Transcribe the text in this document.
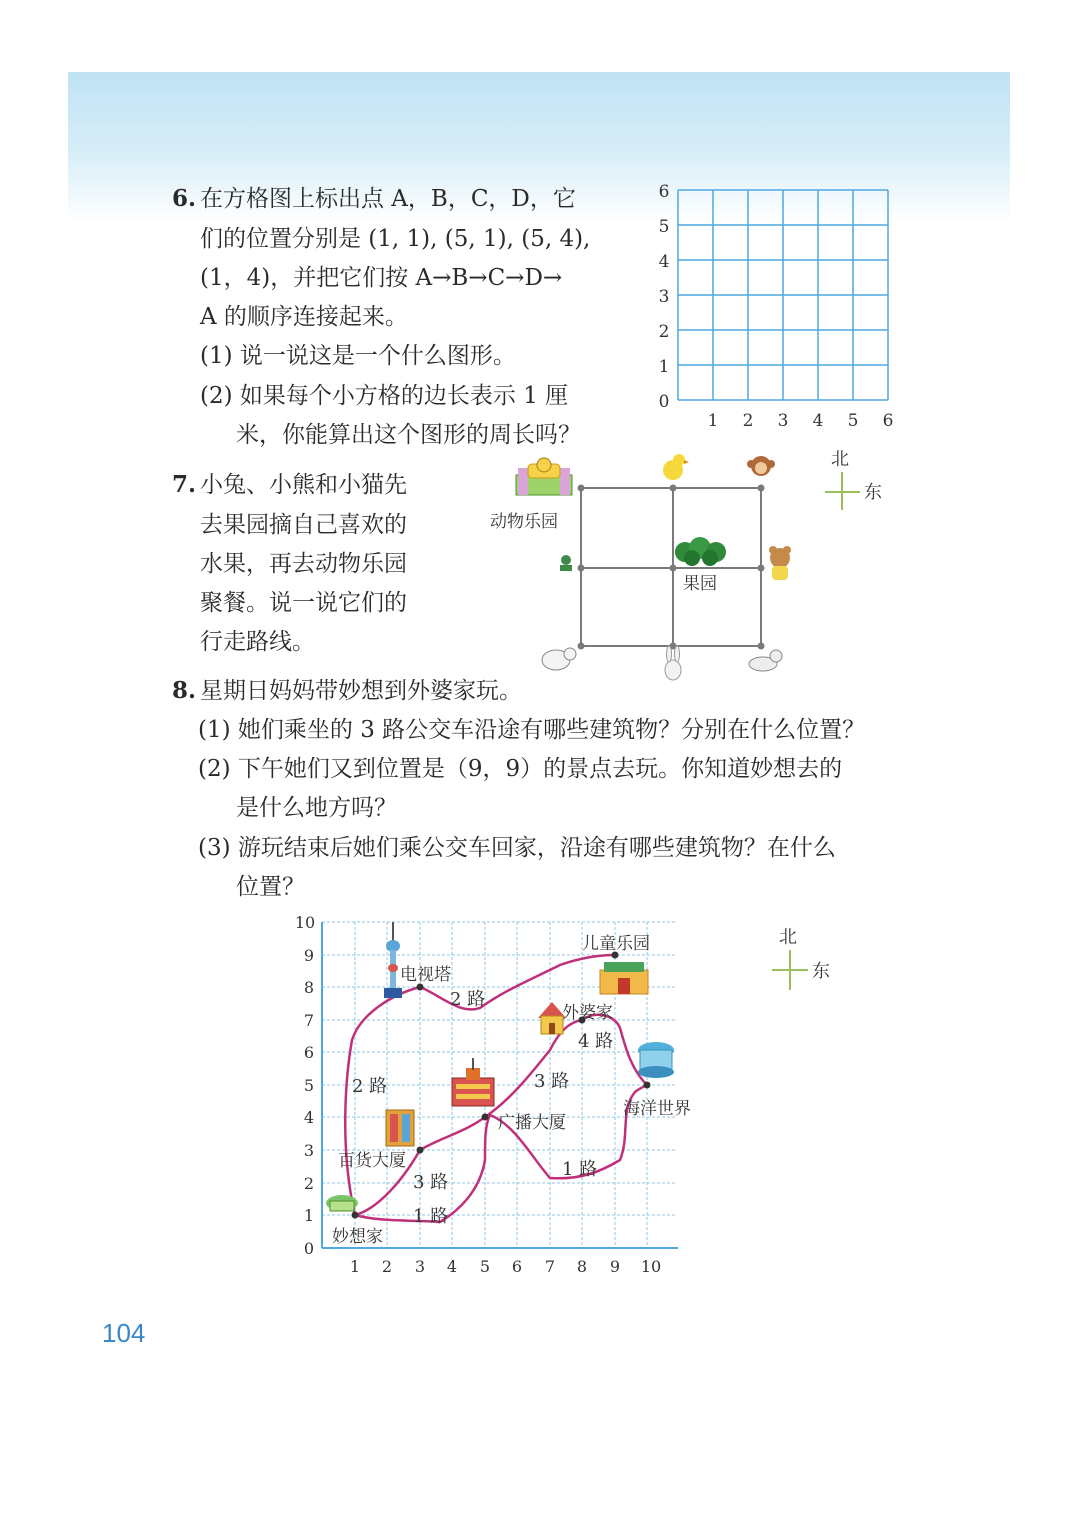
6. 在方格图上标出点 A，B，C，D，它
们的位置分别是 (1, 1), (5, 1), (5, 4),
(1，4)，并把它们按 A→B→C→D→
A 的顺序连接起来。
(1) 说一说这是一个什么图形。
(2) 如果每个小方格的边长表示 1 厘
米，你能算出这个图形的周长吗？
0
1
2
3
4
5
6
1 2 3 4 5 6
7. 小兔、小熊和小猫先
去果园摘自己喜欢的
水果，再去动物乐园
聚餐。说一说它们的
行走路线。
动物乐园
果园
北
东
8. 星期日妈妈带妙想到外婆家玩。
(1) 她们乘坐的 3 路公交车沿途有哪些建筑物？分别在什么位置？
(2) 下午她们又到位置是（9，9）的景点去玩。你知道妙想去的
是什么地方吗？
(3) 游玩结束后她们乘公交车回家，沿途有哪些建筑物？在什么
位置？
1 2 3 4 5 6 7 8 9 10
0
1
2
3
4
5
6
7
8
9
10
电视塔
儿童乐园
外婆家
海洋世界
广播大厦
百货大厦
妙想家
2 路
2 路	3 路
3 路
4 路
1 路
1 路
北
东
104
